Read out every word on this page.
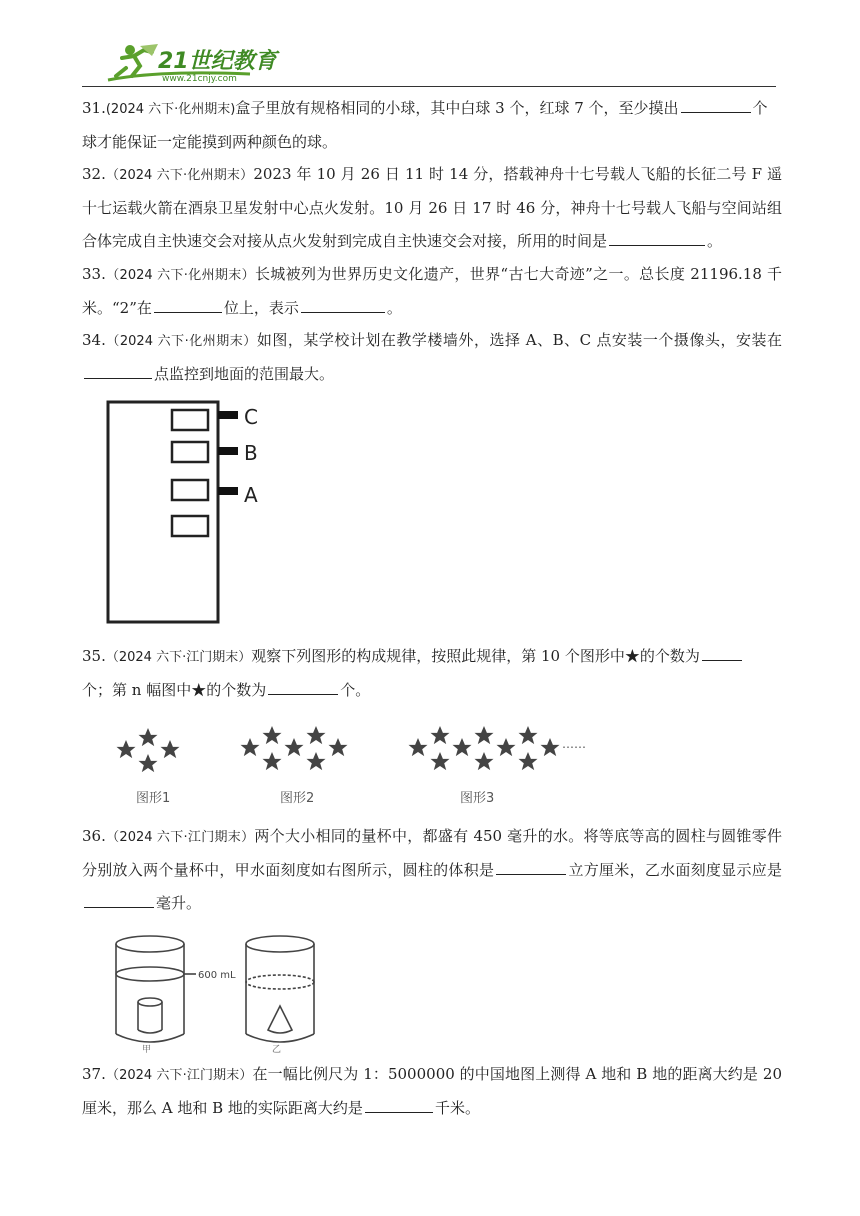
21世纪教育
www.21cnjy.com

31.(2024 六下·化州期末)盒子里放有规格相同的小球，其中白球 3 个，红球 7 个，至少摸出	个
球才能保证一定能摸到两种颜色的球。

32.（2024 六下·化州期末）2023 年 10 月 26 日 11 时 14 分，搭载神舟十七号载人飞船的长征二号 F 遥十七运载火箭在酒泉卫星发射中心点火发射。10 月 26 日 17 时 46 分，神舟十七号载人飞船与空间站组合体完成自主快速交会对接从点火发射到完成自主快速交会对接，所用的时间是	。

33.（2024 六下·化州期末）长城被列为世界历史文化遗产，世界“古七大奇迹”之一。总长度 21196.18 千米。“2”在	位上，表示	。

34.（2024 六下·化州期末）如图，某学校计划在教学楼墙外，选择 A、B、C 点安装一个摄像头，安装在点监控到地面的范围最大。

C
B
A

35.（2024 六下·江门期末）观察下列图形的构成规律，按照此规律，第 10 个图形中★的个数为
个；第 n 幅图中★的个数为	个。

……
图形1	图形2	图形3

36.（2024 六下·江门期末）两个大小相同的量杯中，都盛有 450 毫升的水。将等底等高的圆柱与圆锥零件分别放入两个量杯中，甲水面刻度如右图所示，圆柱的体积是	立方厘米，乙水面刻度显示应是毫升。

600 mL
甲	乙

37.（2024 六下·江门期末）在一幅比例尺为 1：5000000 的中国地图上测得 A 地和 B 地的距离大约是 20 厘米，那么 A 地和 B 地的实际距离大约是	千米。
